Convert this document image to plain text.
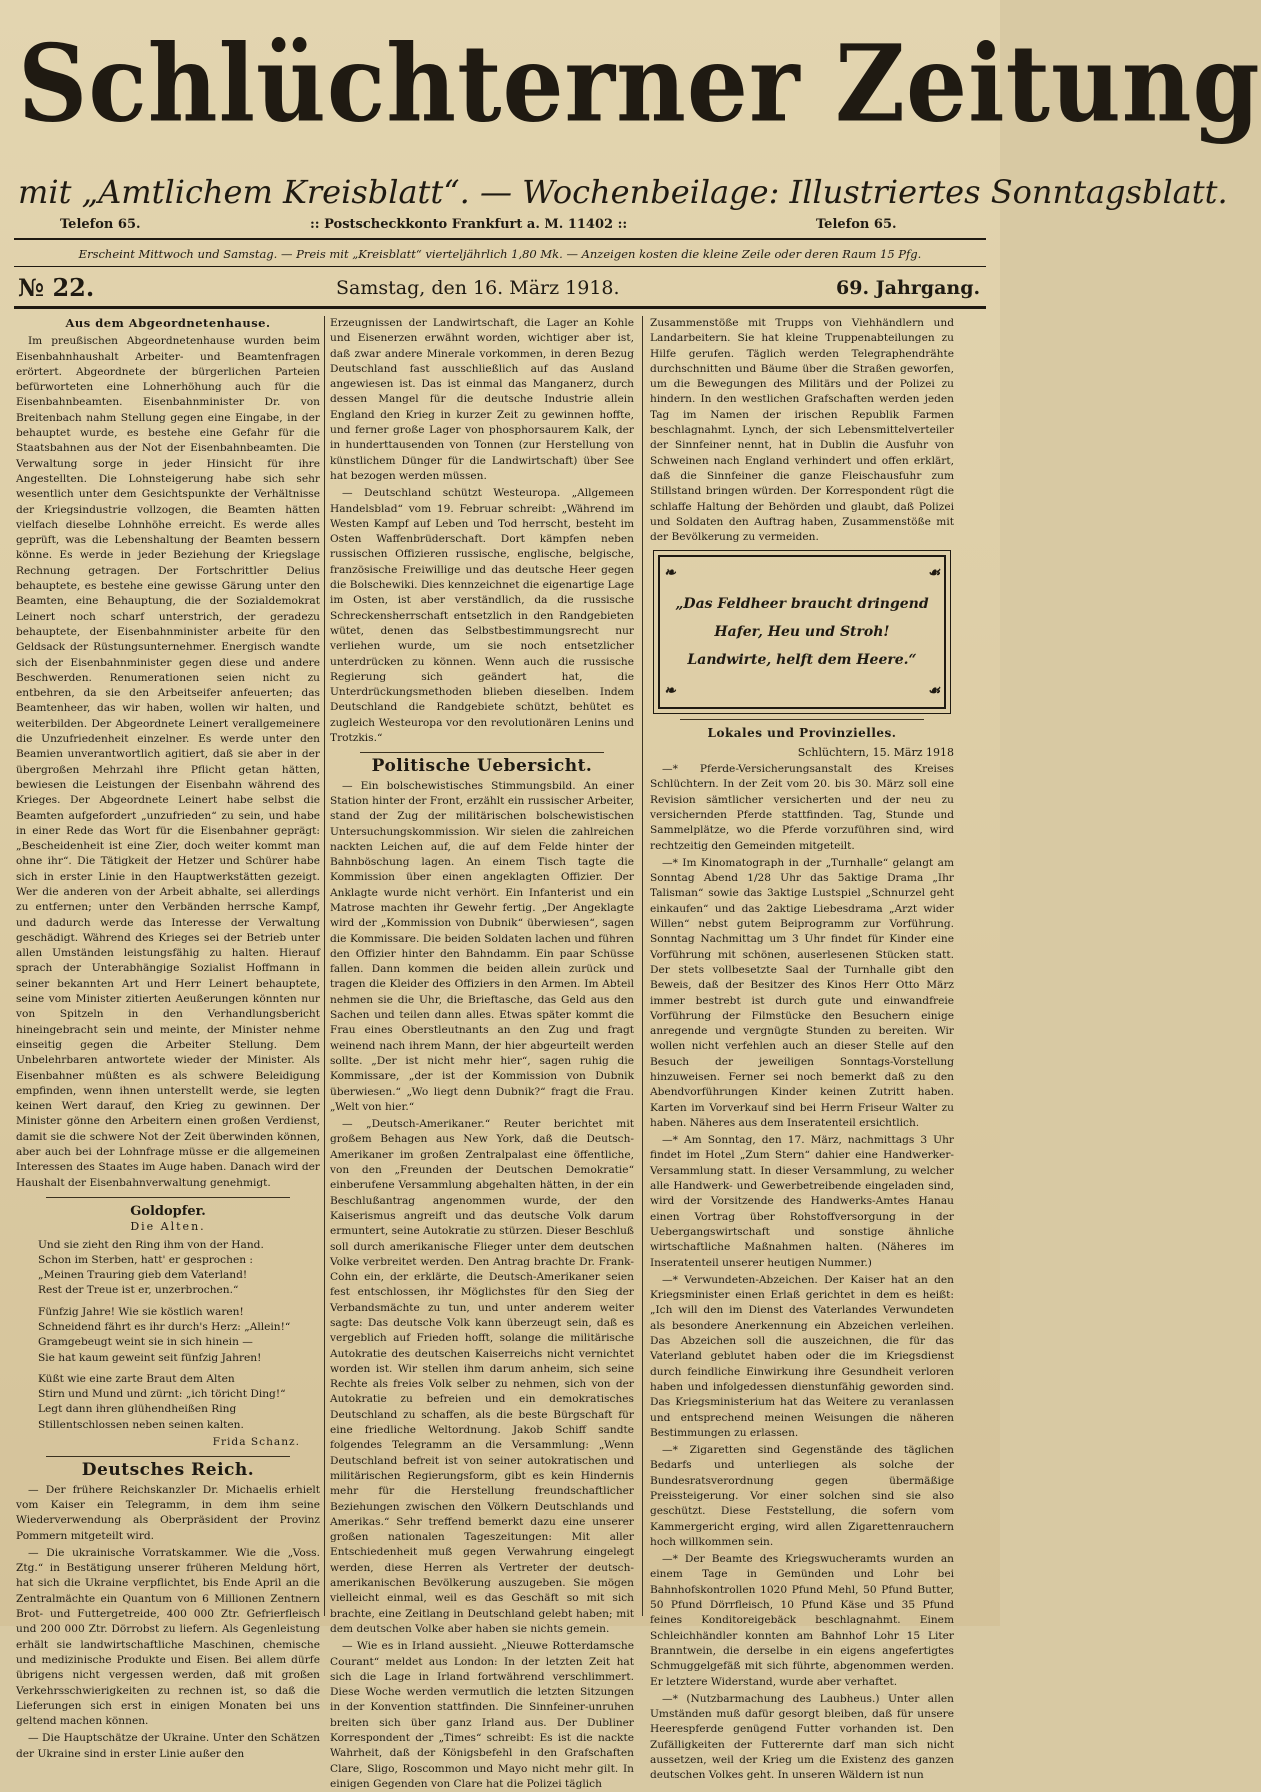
Schlüchterner Zeitung
mit „Amtlichem Kreisblatt“. — Wochenbeilage: Illustriertes Sonntagsblatt.
Telefon 65.	:: Postscheckkonto Frankfurt a. M. 11402 ::	Telefon 65.
Erscheint Mittwoch und Samstag. — Preis mit „Kreisblatt“ vierteljährlich 1,80 Mk. — Anzeigen kosten die kleine Zeile oder deren Raum 15 Pfg.
№ 22.	Samstag, den 16. März 1918.	69. Jahrgang.
Aus dem Abgeordnetenhause.
Im preußischen Abgeordnetenhause wurden beim Eisenbahnhaushalt Arbeiter- und Beamtenfragen erörtert. Abgeordnete der bürgerlichen Parteien befürworteten eine Lohnerhöhung auch für die Eisenbahnbeamten. Eisenbahnminister Dr. von Breitenbach nahm Stellung gegen eine Eingabe, in der behauptet wurde, es bestehe eine Gefahr für die Staatsbahnen aus der Not der Eisenbahnbeamten. Die Verwaltung sorge in jeder Hinsicht für ihre Angestellten. Die Lohnsteigerung habe sich sehr wesentlich unter dem Gesichtspunkte der Verhältnisse der Kriegsindustrie vollzogen, die Beamten hätten vielfach dieselbe Lohnhöhe erreicht. Es werde alles geprüft, was die Lebenshaltung der Beamten bessern könne. Es werde in jeder Beziehung der Kriegslage Rechnung getragen. Der Fortschrittler Delius behauptete, es bestehe eine gewisse Gärung unter den Beamten, eine Behauptung, die der Sozialdemokrat Leinert noch scharf unterstrich, der geradezu behauptete, der Eisenbahnminister arbeite für den Geldsack der Rüstungsunternehmer. Energisch wandte sich der Eisenbahnminister gegen diese und andere Beschwerden. Renumerationen seien nicht zu entbehren, da sie den Arbeitseifer anfeuerten; das Beamtenheer, das wir haben, wollen wir halten, und weiterbilden. Der Abgeordnete Leinert verallgemeinere die Unzufriedenheit einzelner. Es werde unter den Beamien unverantwortlich agitiert, daß sie aber in der übergroßen Mehrzahl ihre Pflicht getan hätten, bewiesen die Leistungen der Eisenbahn während des Krieges. Der Abgeordnete Leinert habe selbst die Beamten aufgefordert „unzufrieden“ zu sein, und habe in einer Rede das Wort für die Eisenbahner geprägt: „Bescheidenheit ist eine Zier, doch weiter kommt man ohne ihr“. Die Tätigkeit der Hetzer und Schürer habe sich in erster Linie in den Hauptwerkstätten gezeigt. Wer die anderen von der Arbeit abhalte, sei allerdings zu entfernen; unter den Verbänden herrsche Kampf, und dadurch werde das Interesse der Verwaltung geschädigt. Während des Krieges sei der Betrieb unter allen Umständen leistungsfähig zu halten. Hierauf sprach der Unterabhängige Sozialist Hoffmann in seiner bekannten Art und Herr Leinert behauptete, seine vom Minister zitierten Aeußerungen könnten nur von Spitzeln in den Verhandlungsbericht hineingebracht sein und meinte, der Minister nehme einseitig gegen die Arbeiter Stellung. Dem Unbelehrbaren antwortete wieder der Minister. Als Eisenbahner müßten es als schwere Beleidigung empfinden, wenn ihnen unterstellt werde, sie legten keinen Wert darauf, den Krieg zu gewinnen. Der Minister gönne den Arbeitern einen großen Verdienst, damit sie die schwere Not der Zeit überwinden können, aber auch bei der Lohnfrage müsse er die allgemeinen Interessen des Staates im Auge haben. Danach wird der Haushalt der Eisenbahnverwaltung genehmigt.
Goldopfer.
Die Alten.
Und sie zieht den Ring ihm von der Hand.
Schon im Sterben, hatt' er gesprochen :
„Meinen Trauring gieb dem Vaterland!
Rest der Treue ist er, unzerbrochen.“
Fünfzig Jahre! Wie sie köstlich waren!
Schneidend fährt es ihr durch's Herz: „Allein!“
Gramgebeugt weint sie in sich hinein —
Sie hat kaum geweint seit fünfzig Jahren!
Küßt wie eine zarte Braut dem Alten
Stirn und Mund und zürnt: „ich töricht Ding!“
Legt dann ihren glühendheißen Ring
Stillentschlossen neben seinen kalten.
Frida Schanz.
Deutsches Reich.
— Der frühere Reichskanzler Dr. Michaelis erhielt vom Kaiser ein Telegramm, in dem ihm seine Wiederverwendung als Oberpräsident der Provinz Pommern mitgeteilt wird.
— Die ukrainische Vorratskammer. Wie die „Voss. Ztg.“ in Bestätigung unserer früheren Meldung hört, hat sich die Ukraine verpflichtet, bis Ende April an die Zentralmächte ein Quantum von 6 Millionen Zentnern Brot- und Futtergetreide, 400 000 Ztr. Gefrierfleisch und 200 000 Ztr. Dörrobst zu liefern. Als Gegenleistung erhält sie landwirtschaftliche Maschinen, chemische und medizinische Produkte und Eisen. Bei allem dürfe übrigens nicht vergessen werden, daß mit großen Verkehrsschwierigkeiten zu rechnen ist, so daß die Lieferungen sich erst in einigen Monaten bei uns geltend machen können.
— Die Hauptschätze der Ukraine. Unter den Schätzen der Ukraine sind in erster Linie außer den
Erzeugnissen der Landwirtschaft, die Lager an Kohle und Eisenerzen erwähnt worden, wichtiger aber ist, daß zwar andere Minerale vorkommen, in deren Bezug Deutschland fast ausschließlich auf das Ausland angewiesen ist. Das ist einmal das Manganerz, durch dessen Mangel für die deutsche Industrie allein England den Krieg in kurzer Zeit zu gewinnen hoffte, und ferner große Lager von phosphorsaurem Kalk, der in hunderttausenden von Tonnen (zur Herstellung von künstlichem Dünger für die Landwirtschaft) über See hat bezogen werden müssen.
— Deutschland schützt Westeuropa. „Allgemeen Handelsblad“ vom 19. Februar schreibt: „Während im Westen Kampf auf Leben und Tod herrscht, besteht im Osten Waffenbrüderschaft. Dort kämpfen neben russischen Offizieren russische, englische, belgische, französische Freiwillige und das deutsche Heer gegen die Bolschewiki. Dies kennzeichnet die eigenartige Lage im Osten, ist aber verständlich, da die russische Schreckensherrschaft entsetzlich in den Randgebieten wütet, denen das Selbstbestimmungsrecht nur verliehen wurde, um sie noch entsetzlicher unterdrücken zu können. Wenn auch die russische Regierung sich geändert hat, die Unterdrückungsmethoden blieben dieselben. Indem Deutschland die Randgebiete schützt, behütet es zugleich Westeuropa vor den revolutionären Lenins und Trotzkis.“
Politische Uebersicht.
— Ein bolschewistisches Stimmungsbild. An einer Station hinter der Front, erzählt ein russischer Arbeiter, stand der Zug der militärischen bolschewistischen Untersuchungskommission. Wir sielen die zahlreichen nackten Leichen auf, die auf dem Felde hinter der Bahnböschung lagen. An einem Tisch tagte die Kommission über einen angeklagten Offizier. Der Anklagte wurde nicht verhört. Ein Infanterist und ein Matrose machten ihr Gewehr fertig. „Der Angeklagte wird der „Kommission von Dubnik“ überwiesen“, sagen die Kommissare. Die beiden Soldaten lachen und führen den Offizier hinter den Bahndamm. Ein paar Schüsse fallen. Dann kommen die beiden allein zurück und tragen die Kleider des Offiziers in den Armen. Im Abteil nehmen sie die Uhr, die Brieftasche, das Geld aus den Sachen und teilen dann alles. Etwas später kommt die Frau eines Oberstleutnants an den Zug und fragt weinend nach ihrem Mann, der hier abgeurteilt werden sollte. „Der ist nicht mehr hier“, sagen ruhig die Kommissare, „der ist der Kommission von Dubnik überwiesen.“ „Wo liegt denn Dubnik?“ fragt die Frau. „Welt von hier.“
— „Deutsch-Amerikaner.“ Reuter berichtet mit großem Behagen aus New York, daß die Deutsch-Amerikaner im großen Zentralpalast eine öffentliche, von den „Freunden der Deutschen Demokratie“ einberufene Versammlung abgehalten hätten, in der ein Beschlußantrag angenommen wurde, der den Kaiserismus angreift und das deutsche Volk darum ermuntert, seine Autokratie zu stürzen. Dieser Beschluß soll durch amerikanische Flieger unter dem deutschen Volke verbreitet werden. Den Antrag brachte Dr. Frank-Cohn ein, der erklärte, die Deutsch-Amerikaner seien fest entschlossen, ihr Möglichstes für den Sieg der Verbandsmächte zu tun, und unter anderem weiter sagte: Das deutsche Volk kann überzeugt sein, daß es vergeblich auf Frieden hofft, solange die militärische Autokratie des deutschen Kaiserreichs nicht vernichtet worden ist. Wir stellen ihm darum anheim, sich seine Rechte als freies Volk selber zu nehmen, sich von der Autokratie zu befreien und ein demokratisches Deutschland zu schaffen, als die beste Bürgschaft für eine friedliche Weltordnung. Jakob Schiff sandte folgendes Telegramm an die Versammlung: „Wenn Deutschland befreit ist von seiner autokratischen und militärischen Regierungsform, gibt es kein Hindernis mehr für die Herstellung freundschaftlicher Beziehungen zwischen den Völkern Deutschlands und Amerikas.“ Sehr treffend bemerkt dazu eine unserer großen nationalen Tageszeitungen: Mit aller Entschiedenheit muß gegen Verwahrung eingelegt werden, diese Herren als Vertreter der deutsch-amerikanischen Bevölkerung auszugeben. Sie mögen vielleicht einmal, weil es das Geschäft so mit sich brachte, eine Zeitlang in Deutschland gelebt haben; mit dem deutschen Volke aber haben sie nichts gemein.
— Wie es in Irland aussieht. „Nieuwe Rotterdamsche Courant“ meldet aus London: In der letzten Zeit hat sich die Lage in Irland fortwährend verschlimmert. Diese Woche werden vermutlich die letzten Sitzungen in der Konvention stattfinden. Die Sinnfeiner-unruhen breiten sich über ganz Irland aus. Der Dubliner Korrespondent der „Times“ schreibt: Es ist die nackte Wahrheit, daß der Königsbefehl in den Grafschaften Clare, Sligo, Roscommon und Mayo nicht mehr gilt. In einigen Gegenden von Clare hat die Polizei täglich
Zusammenstöße mit Trupps von Viehhändlern und Landarbeitern. Sie hat kleine Truppenabteilungen zu Hilfe gerufen. Täglich werden Telegraphendrähte durchschnitten und Bäume über die Straßen geworfen, um die Bewegungen des Militärs und der Polizei zu hindern. In den westlichen Grafschaften werden jeden Tag im Namen der irischen Republik Farmen beschlagnahmt. Lynch, der sich Lebensmittelverteiler der Sinnfeiner nennt, hat in Dublin die Ausfuhr von Schweinen nach England verhindert und offen erklärt, daß die Sinnfeiner die ganze Fleischausfuhr zum Stillstand bringen würden. Der Korrespondent rügt die schlaffe Haltung der Behörden und glaubt, daß Polizei und Soldaten den Auftrag haben, Zusammenstöße mit der Bevölkerung zu vermeiden.
❧	☙
❧	☙
„Das Feldheer braucht dringend
Hafer, Heu und Stroh!
Landwirte, helft dem Heere.“
Lokales und Provinzielles.
Schlüchtern, 15. März 1918
—* Pferde-Versicherungsanstalt des Kreises Schlüchtern. In der Zeit vom 20. bis 30. März soll eine Revision sämtlicher versicherten und der neu zu versichernden Pferde stattfinden. Tag, Stunde und Sammelplätze, wo die Pferde vorzuführen sind, wird rechtzeitig den Gemeinden mitgeteilt.
—* Im Kinomatograph in der „Turnhalle“ gelangt am Sonntag Abend 1/28 Uhr das 5aktige Drama „Ihr Talisman“ sowie das 3aktige Lustspiel „Schnurzel geht einkaufen“ und das 2aktige Liebesdrama „Arzt wider Willen“ nebst gutem Beiprogramm zur Vorführung. Sonntag Nachmittag um 3 Uhr findet für Kinder eine Vorführung mit schönen, auserlesenen Stücken statt. Der stets vollbesetzte Saal der Turnhalle gibt den Beweis, daß der Besitzer des Kinos Herr Otto März immer bestrebt ist durch gute und einwandfreie Vorführung der Filmstücke den Besuchern einige anregende und vergnügte Stunden zu bereiten. Wir wollen nicht verfehlen auch an dieser Stelle auf den Besuch der jeweiligen Sonntags-Vorstellung hinzuweisen. Ferner sei noch bemerkt daß zu den Abendvorführungen Kinder keinen Zutritt haben. Karten im Vorverkauf sind bei Herrn Friseur Walter zu haben. Näheres aus dem Inseratenteil ersichtlich.
—* Am Sonntag, den 17. März, nachmittags 3 Uhr findet im Hotel „Zum Stern“ dahier eine Handwerker-Versammlung statt. In dieser Versammlung, zu welcher alle Handwerk- und Gewerbetreibende eingeladen sind, wird der Vorsitzende des Handwerks-Amtes Hanau einen Vortrag über Rohstoffversorgung in der Uebergangswirtschaft und sonstige ähnliche wirtschaftliche Maßnahmen halten. (Näheres im Inseratenteil unserer heutigen Nummer.)
—* Verwundeten-Abzeichen. Der Kaiser hat an den Kriegsminister einen Erlaß gerichtet in dem es heißt: „Ich will den im Dienst des Vaterlandes Verwundeten als besondere Anerkennung ein Abzeichen verleihen. Das Abzeichen soll die auszeichnen, die für das Vaterland geblutet haben oder die im Kriegsdienst durch feindliche Einwirkung ihre Gesundheit verloren haben und infolgedessen dienstunfähig geworden sind. Das Kriegsministerium hat das Weitere zu veranlassen und entsprechend meinen Weisungen die näheren Bestimmungen zu erlassen.
—* Zigaretten sind Gegenstände des täglichen Bedarfs und unterliegen als solche der Bundesratsverordnung gegen übermäßige Preissteigerung. Vor einer solchen sind sie also geschützt. Diese Feststellung, die sofern vom Kammergericht erging, wird allen Zigarettenrauchern hoch willkommen sein.
—* Der Beamte des Kriegswucheramts wurden an einem Tage in Gemünden und Lohr bei Bahnhofskontrollen 1020 Pfund Mehl, 50 Pfund Butter, 50 Pfund Dörrfleisch, 10 Pfund Käse und 35 Pfund feines Konditoreigebäck beschlagnahmt. Einem Schleichhändler konnten am Bahnhof Lohr 15 Liter Branntwein, die derselbe in ein eigens angefertigtes Schmuggelgefäß mit sich führte, abgenommen werden. Er letztere Widerstand, wurde aber verhaftet.
—* (Nutzbarmachung des Laubheus.) Unter allen Umständen muß dafür gesorgt bleiben, daß für unsere Heerespferde genügend Futter vorhanden ist. Den Zufälligkeiten der Futterernte darf man sich nicht aussetzen, weil der Krieg um die Existenz des ganzen deutschen Volkes geht. In unseren Wäldern ist nun
